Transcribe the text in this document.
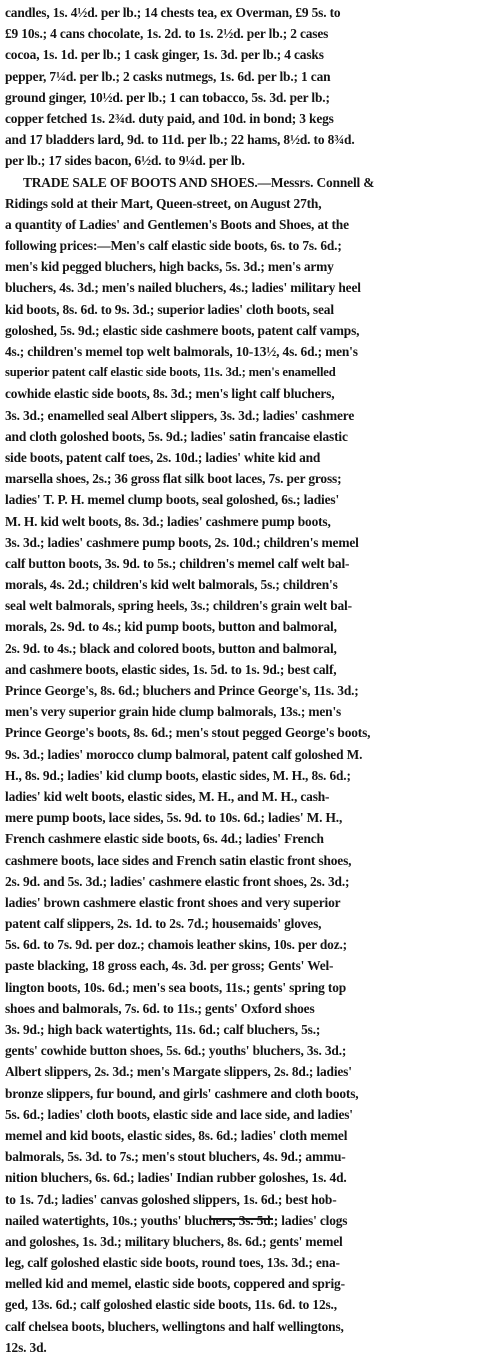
candles, 1s. 4½d. per lb.; 14 chests tea, ex Overman, £9 5s. to
£9 10s.; 4 cans chocolate, 1s. 2d. to 1s. 2½d. per lb.; 2 cases
cocoa, 1s. 1d. per lb.; 1 cask ginger, 1s. 3d. per lb.; 4 casks
pepper, 7¼d. per lb.; 2 casks nutmegs, 1s. 6d. per lb.; 1 can
ground ginger, 10½d. per lb.; 1 can tobacco, 5s. 3d. per lb.;
copper fetched 1s. 2¾d. duty paid, and 10d. in bond; 3 kegs
and 17 bladders lard, 9d. to 11d. per lb.; 22 hams, 8½d. to 8¾d.
per lb.; 17 sides bacon, 6½d. to 9¼d. per lb.
TRADE SALE OF BOOTS AND SHOES.—Messrs. Connell &
Ridings sold at their Mart, Queen-street, on August 27th,
a quantity of Ladies' and Gentlemen's Boots and Shoes, at the
following prices:—Men's calf elastic side boots, 6s. to 7s. 6d.;
men's kid pegged bluchers, high backs, 5s. 3d.; men's army
bluchers, 4s. 3d.; men's nailed bluchers, 4s.; ladies' military heel
kid boots, 8s. 6d. to 9s. 3d.; superior ladies' cloth boots, seal
goloshed, 5s. 9d.; elastic side cashmere boots, patent calf vamps,
4s.; children's memel top welt balmorals, 10-13½, 4s. 6d.; men's
superior patent calf elastic side boots, 11s. 3d.; men's enamelled
cowhide elastic side boots, 8s. 3d.; men's light calf bluchers,
3s. 3d.; enamelled seal Albert slippers, 3s. 3d.; ladies' cashmere
and cloth goloshed boots, 5s. 9d.; ladies' satin francaise elastic
side boots, patent calf toes, 2s. 10d.; ladies' white kid and
marsella shoes, 2s.; 36 gross flat silk boot laces, 7s. per gross;
ladies' T. P. H. memel clump boots, seal goloshed, 6s.; ladies'
M. H. kid welt boots, 8s. 3d.; ladies' cashmere pump boots,
3s. 3d.; ladies' cashmere pump boots, 2s. 10d.; children's memel
calf button boots, 3s. 9d. to 5s.; children's memel calf welt bal-
morals, 4s. 2d.; children's kid welt balmorals, 5s.; children's
seal welt balmorals, spring heels, 3s.; children's grain welt bal-
morals, 2s. 9d. to 4s.; kid pump boots, button and balmoral,
2s. 9d. to 4s.; black and colored boots, button and balmoral,
and cashmere boots, elastic sides, 1s. 5d. to 1s. 9d.; best calf,
Prince George's, 8s. 6d.; bluchers and Prince George's, 11s. 3d.;
men's very superior grain hide clump balmorals, 13s.; men's
Prince George's boots, 8s. 6d.; men's stout pegged George's boots,
9s. 3d.; ladies' morocco clump balmoral, patent calf goloshed M.
H., 8s. 9d.; ladies' kid clump boots, elastic sides, M. H., 8s. 6d.;
ladies' kid welt boots, elastic sides, M. H., and M. H., cash-
mere pump boots, lace sides, 5s. 9d. to 10s. 6d.; ladies' M. H.,
French cashmere elastic side boots, 6s. 4d.; ladies' French
cashmere boots, lace sides and French satin elastic front shoes,
2s. 9d. and 5s. 3d.; ladies' cashmere elastic front shoes, 2s. 3d.;
ladies' brown cashmere elastic front shoes and very superior
patent calf slippers, 2s. 1d. to 2s. 7d.; housemaids' gloves,
5s. 6d. to 7s. 9d. per doz.; chamois leather skins, 10s. per doz.;
paste blacking, 18 gross each, 4s. 3d. per gross; Gents' Wel-
lington boots, 10s. 6d.; men's sea boots, 11s.; gents' spring top
shoes and balmorals, 7s. 6d. to 11s.; gents' Oxford shoes
3s. 9d.; high back watertights, 11s. 6d.; calf bluchers, 5s.;
gents' cowhide button shoes, 5s. 6d.; youths' bluchers, 3s. 3d.;
Albert slippers, 2s. 3d.; men's Margate slippers, 2s. 8d.; ladies'
bronze slippers, fur bound, and girls' cashmere and cloth boots,
5s. 6d.; ladies' cloth boots, elastic side and lace side, and ladies'
memel and kid boots, elastic sides, 8s. 6d.; ladies' cloth memel
balmorals, 5s. 3d. to 7s.; men's stout bluchers, 4s. 9d.; ammu-
nition bluchers, 6s. 6d.; ladies' Indian rubber goloshes, 1s. 4d.
to 1s. 7d.; ladies' canvas goloshed slippers, 1s. 6d.; best hob-
nailed watertights, 10s.; youths' bluchers, 3s. 5d.; ladies' clogs
and goloshes, 1s. 3d.; military bluchers, 8s. 6d.; gents' memel
leg, calf goloshed elastic side boots, round toes, 13s. 3d.; ena-
melled kid and memel, elastic side boots, coppered and sprig-
ged, 13s. 6d.; calf goloshed elastic side boots, 11s. 6d. to 12s.,
calf chelsea boots, bluchers, wellingtons and half wellingtons,
12s. 3d.
